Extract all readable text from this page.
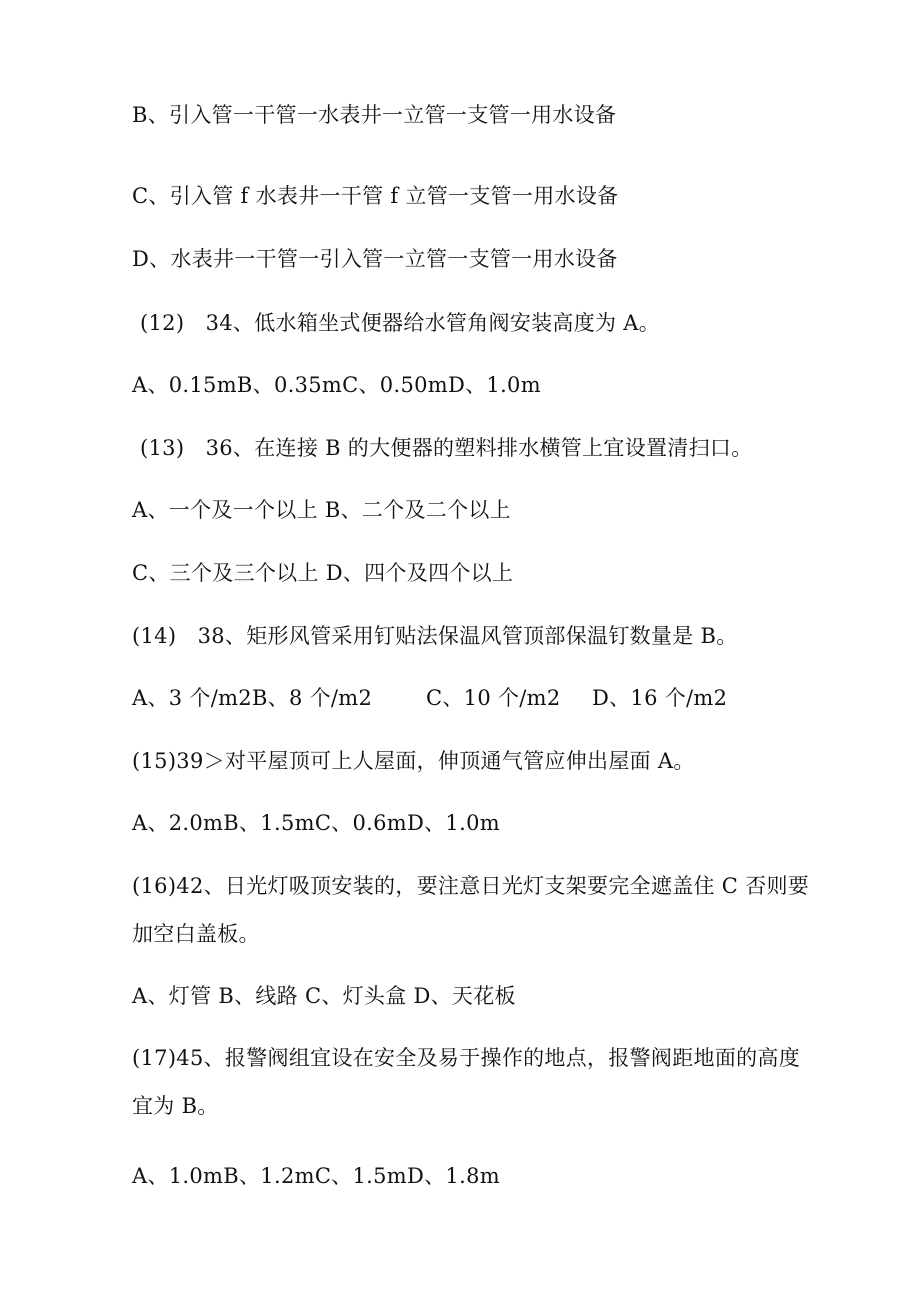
B、引入管一干管一水表井一立管一支管一用水设备
C、引入管 f 水表井一干管 f 立管一支管一用水设备
D、水表井一干管一引入管一立管一支管一用水设备
(12)　34、低水箱坐式便器给水管角阀安装高度为 A。
A、0.15mB、0.35mC、0.50mD、1.0m
(13)　36、在连接 B 的大便器的塑料排水横管上宜设置清扫口。
A、一个及一个以上 B、二个及二个以上
C、三个及三个以上 D、四个及四个以上
(14)　38、矩形风管采用钉贴法保温风管顶部保温钉数量是 B。
A、3 个/m2B、8 个/m2	C、10 个/m2 D、16 个/m2
(15)39＞对平屋顶可上人屋面，伸顶通气管应伸出屋面 A。
A、2.0mB、1.5mC、0.6mD、1.0m
(16)42、日光灯吸顶安装的，要注意日光灯支架要完全遮盖住 C 否则要
加空白盖板。
A、灯管 B、线路 C、灯头盒 D、天花板
(17)45、报警阀组宜设在安全及易于操作的地点，报警阀距地面的高度
宜为 B。
A、1.0mB、1.2mC、1.5mD、1.8m
